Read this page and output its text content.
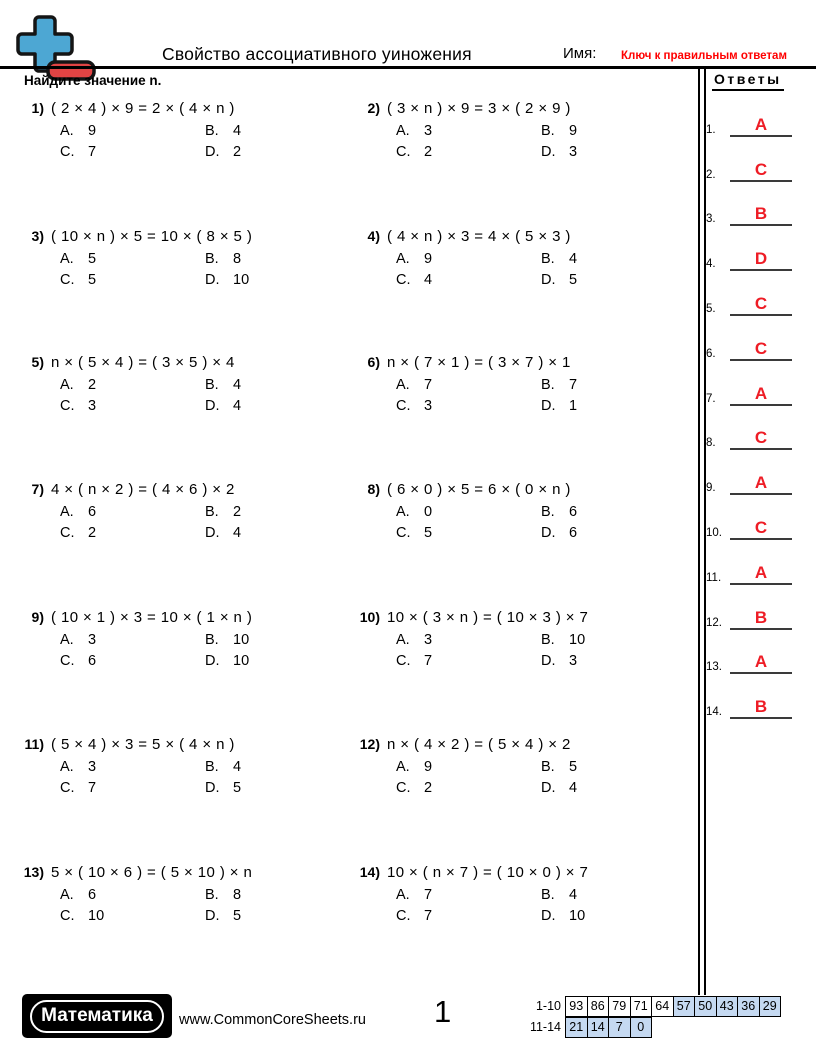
Свойство ассоциативного уиножения	Имя: Ключ к правильным ответам
Найдите значение n.	Ответы
1.	A
2.	C
3.	B
4.	D
5.	C
6.	C
7.	A
8.	C
9.	A
10.	C
11.	A
12.	B
13.	A
14.	B
1) ( 2 × 4 ) × 9 = 2 × ( 4 × n )
A. 9	B. 4
C. 7	D. 2
2) ( 3 × n ) × 9 = 3 × ( 2 × 9 )
A. 3	B. 9
C. 2	D. 3
3) ( 10 × n ) × 5 = 10 × ( 8 × 5 )
A. 5	B. 8
C. 5	D. 10
4) ( 4 × n ) × 3 = 4 × ( 5 × 3 )
A. 9	B. 4
C. 4	D. 5
5) n × ( 5 × 4 ) = ( 3 × 5 ) × 4
A. 2	B. 4
C. 3	D. 4
6) n × ( 7 × 1 ) = ( 3 × 7 ) × 1
A. 7	B. 7
C. 3	D. 1
7) 4 × ( n × 2 ) = ( 4 × 6 ) × 2
A. 6	B. 2
C. 2	D. 4
8) ( 6 × 0 ) × 5 = 6 × ( 0 × n )
A. 0	B. 6
C. 5	D. 6
9) ( 10 × 1 ) × 3 = 10 × ( 1 × n )
A. 3	B. 10
C. 6	D. 10
10) 10 × ( 3 × n ) = ( 10 × 3 ) × 7
A. 3	B. 10
C. 7	D. 3
11) ( 5 × 4 ) × 3 = 5 × ( 4 × n )
A. 3	B. 4
C. 7	D. 5
12) n × ( 4 × 2 ) = ( 5 × 4 ) × 2
A. 9	B. 5
C. 2	D. 4
13) 5 × ( 10 × 6 ) = ( 5 × 10 ) × n
A. 6	B. 8
C. 10	D. 5
14) 10 × ( n × 7 ) = ( 10 × 0 ) × 7
A. 7	B. 4
C. 7	D. 10
Математика	www.CommonCoreSheets.ru 1	1-10 93 86 79 71 64 57 50 43 36 29
11-14 21 14 7	0
